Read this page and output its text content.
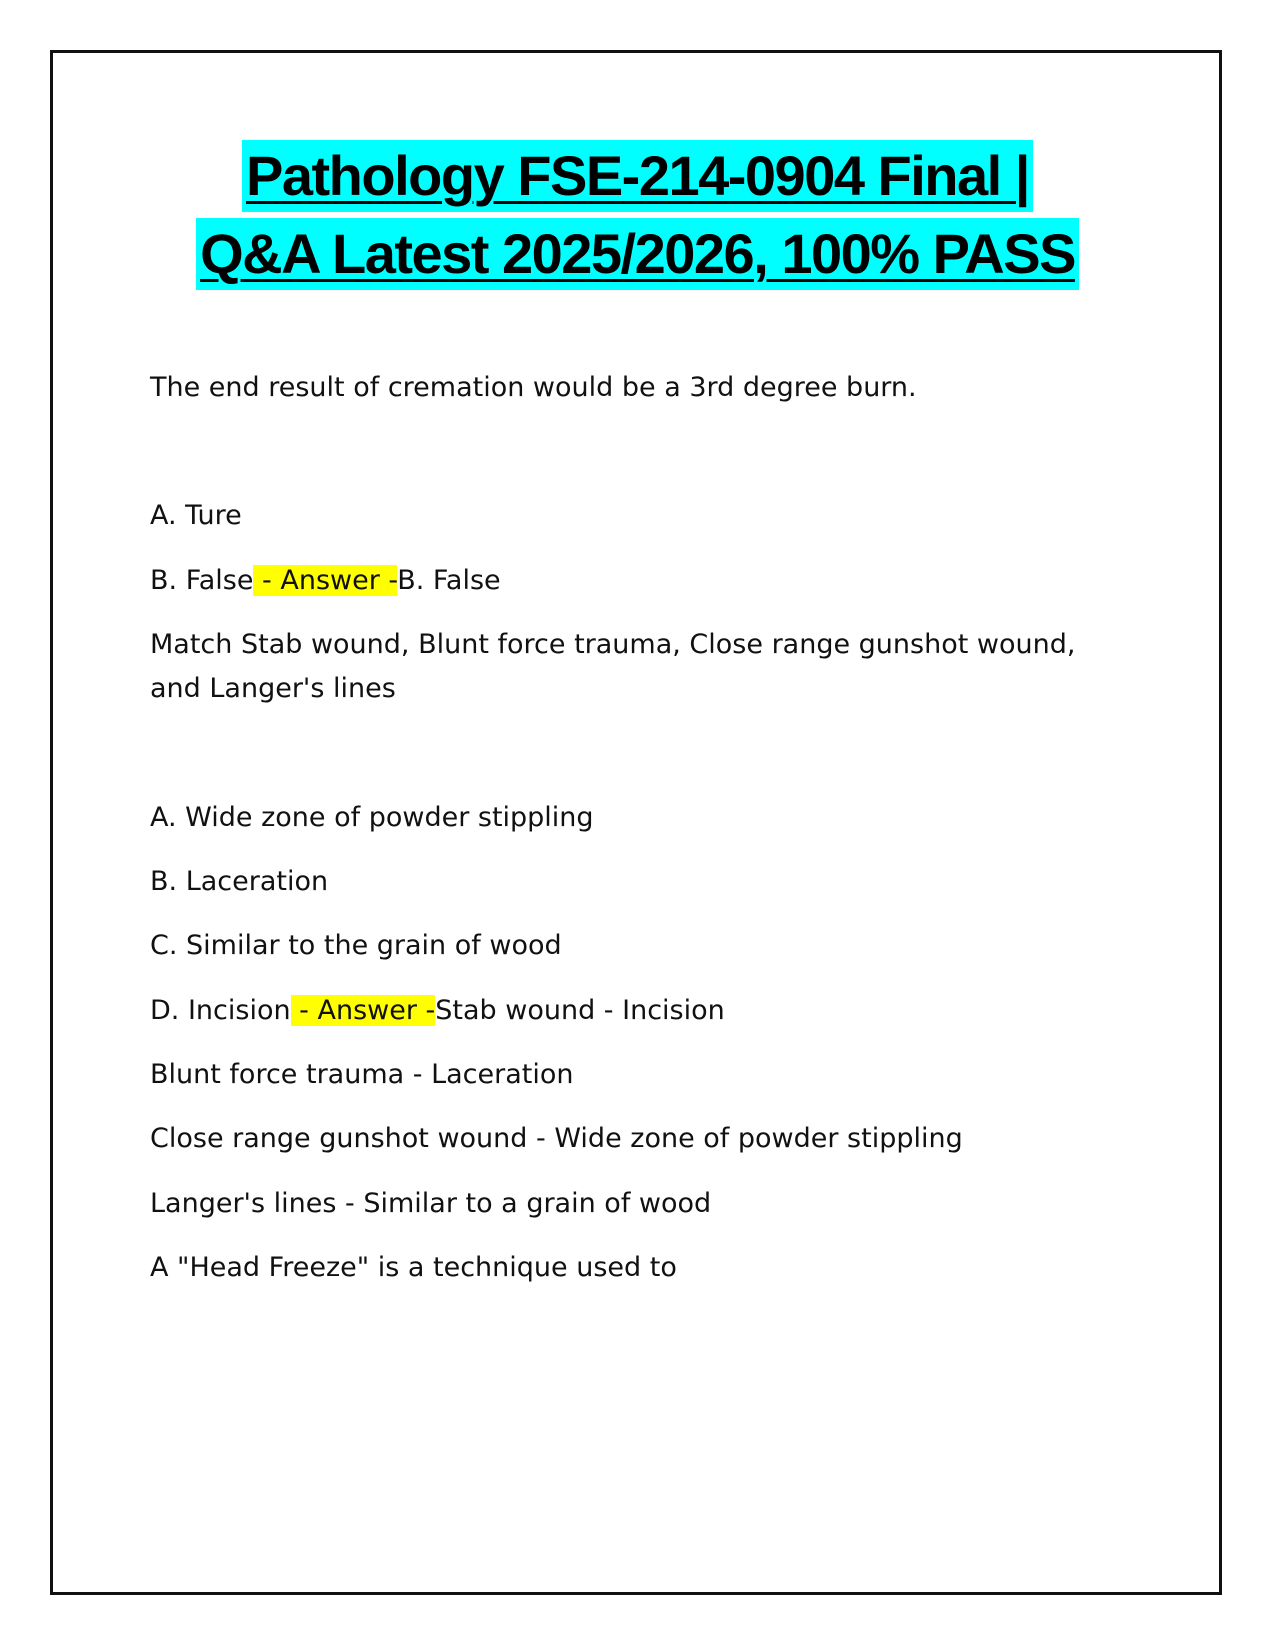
Pathology FSE-214-0904 Final |
Q&A Latest 2025/2026, 100% PASS
The end result of cremation would be a 3rd degree burn.
A. Ture
B. False - Answer -B. False
Match Stab wound, Blunt force trauma, Close range gunshot wound,
and Langer's lines
A. Wide zone of powder stippling
B. Laceration
C. Similar to the grain of wood
D. Incision - Answer -Stab wound - Incision
Blunt force trauma - Laceration
Close range gunshot wound - Wide zone of powder stippling
Langer's lines - Similar to a grain of wood
A "Head Freeze" is a technique used to
